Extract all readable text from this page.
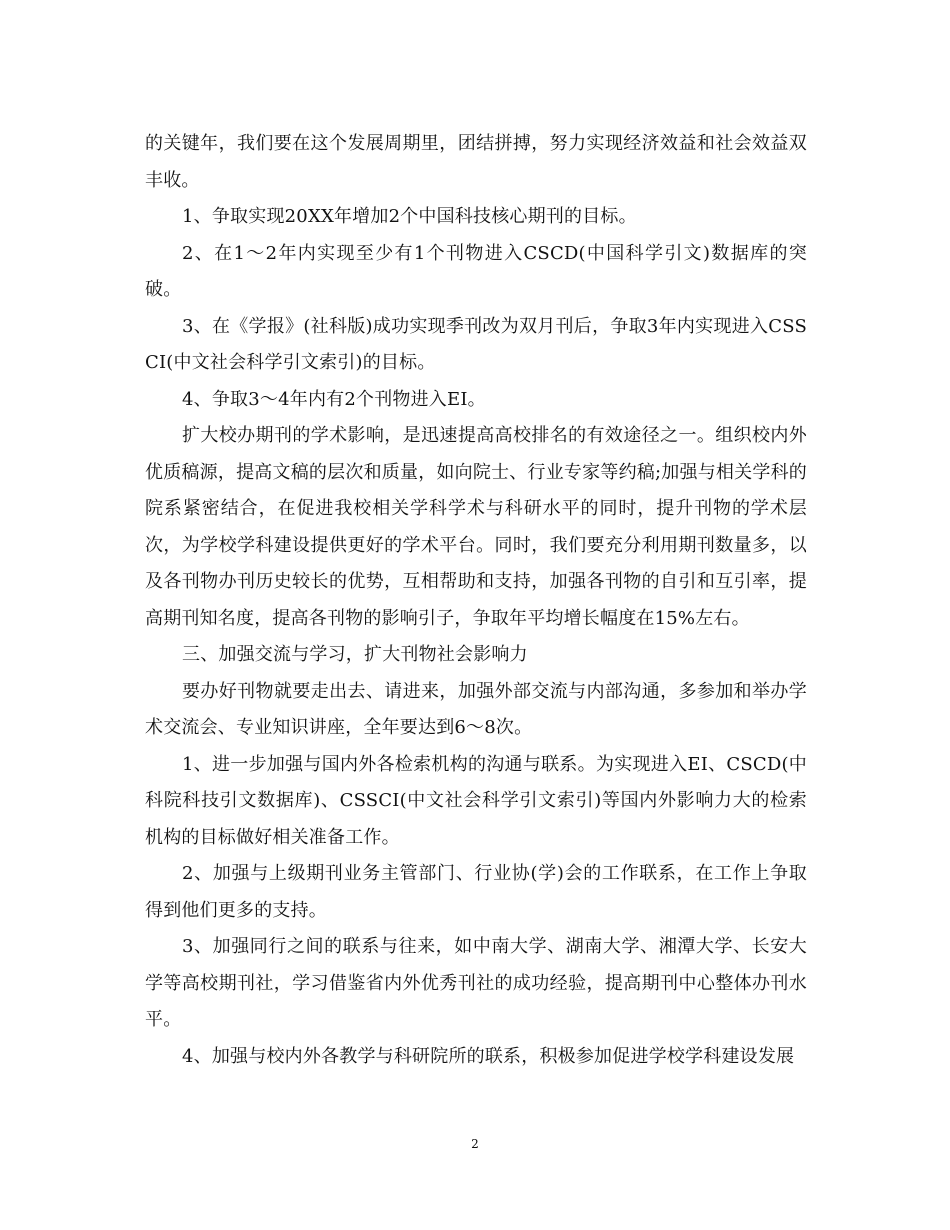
的关键年，我们要在这个发展周期里，团结拼搏，努力实现经济效益和社会效益双丰收。

1、争取实现20XX年增加2个中国科技核心期刊的目标。

2、在1～2年内实现至少有1个刊物进入CSCD(中国科学引文)数据库的突破。

3、在《学报》(社科版)成功实现季刊改为双月刊后，争取3年内实现进入CSSCI(中文社会科学引文索引)的目标。

4、争取3～4年内有2个刊物进入EI。

扩大校办期刊的学术影响，是迅速提高高校排名的有效途径之一。组织校内外优质稿源，提高文稿的层次和质量，如向院士、行业专家等约稿;加强与相关学科的院系紧密结合，在促进我校相关学科学术与科研水平的同时，提升刊物的学术层次，为学校学科建设提供更好的学术平台。同时，我们要充分利用期刊数量多，以及各刊物办刊历史较长的优势，互相帮助和支持，加强各刊物的自引和互引率，提高期刊知名度，提高各刊物的影响引子，争取年平均增长幅度在15%左右。

三、加强交流与学习，扩大刊物社会影响力

要办好刊物就要走出去、请进来，加强外部交流与内部沟通，多参加和举办学术交流会、专业知识讲座，全年要达到6～8次。

1、进一步加强与国内外各检索机构的沟通与联系。为实现进入EI、CSCD(中科院科技引文数据库)、CSSCI(中文社会科学引文索引)等国内外影响力大的检索机构的目标做好相关准备工作。

2、加强与上级期刊业务主管部门、行业协(学)会的工作联系，在工作上争取得到他们更多的支持。

3、加强同行之间的联系与往来，如中南大学、湖南大学、湘潭大学、长安大学等高校期刊社，学习借鉴省内外优秀刊社的成功经验，提高期刊中心整体办刊水平。

4、加强与校内外各教学与科研院所的联系，积极参加促进学校学科建设发展

2
